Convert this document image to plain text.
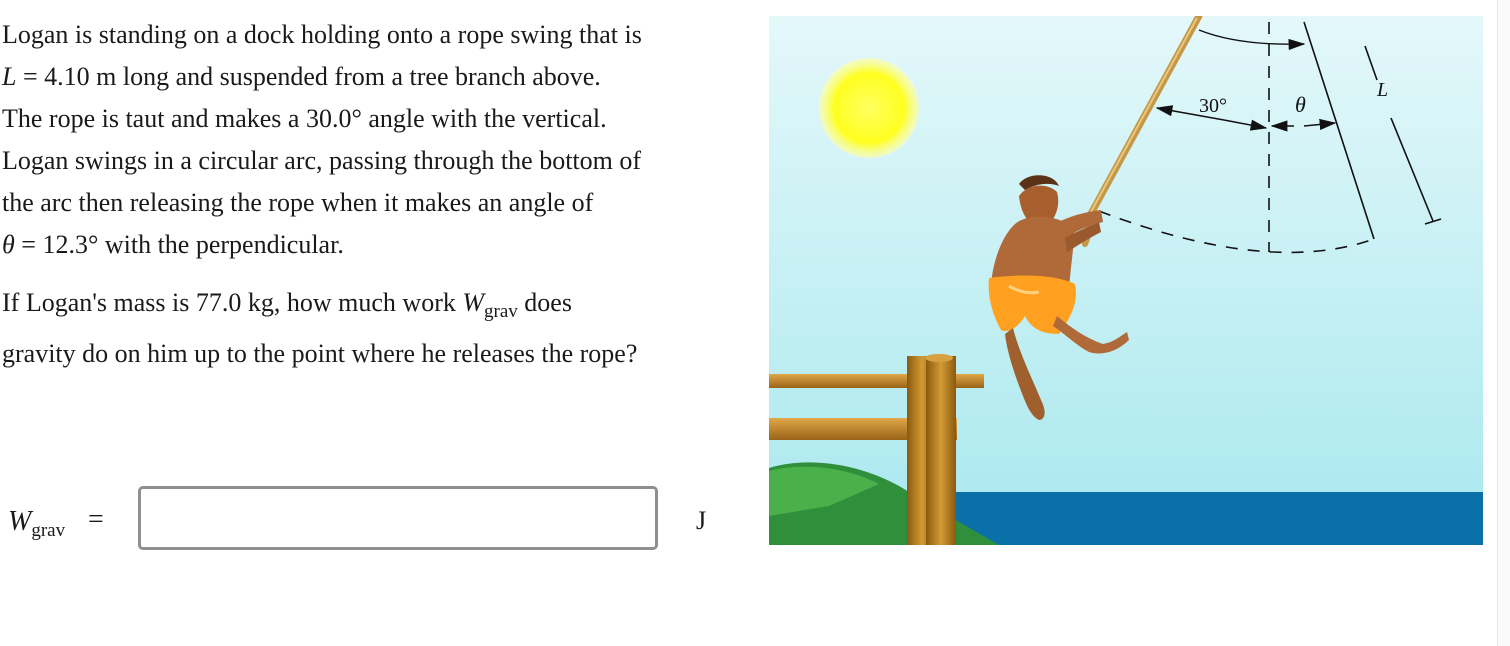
Logan is standing on a dock holding onto a rope swing that is

L = 4.10 m long and suspended from a tree branch above.

The rope is taut and makes a 30.0° angle with the vertical.

Logan swings in a circular arc, passing through the bottom of

the arc then releasing the rope when it makes an angle of

θ = 12.3° with the perpendicular.

If Logan's mass is 77.0 kg, how much work $W_{grav}$ does

gravity do on him up to the point where he releases the rope?

$W_{grav}$ =	J
30°	θ
L
